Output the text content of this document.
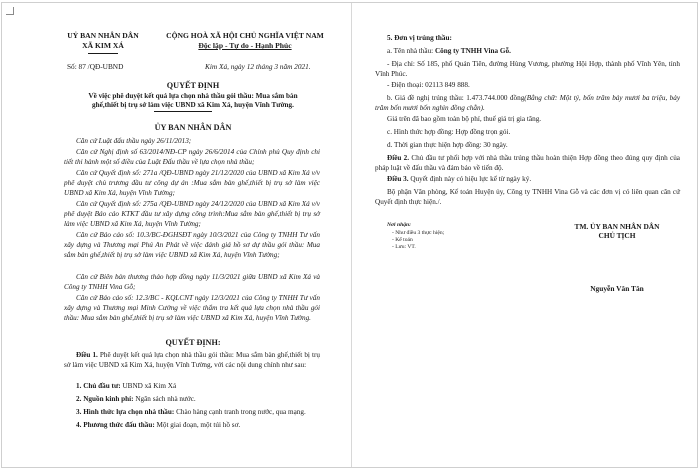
UỶ BAN NHÂN DÂN
XÃ KIM XÁ
Số: 87 /QĐ-UBND
CỘNG HOÀ XÃ HỘI CHỦ NGHĨA VIỆT NAM
Độc lập - Tự do - Hạnh Phúc
Kim Xá, ngày 12 tháng 3 năm 2021.
QUYẾT ĐỊNH
Về việc phê duyệt kết quả lựa chọn nhà thầu gói thầu: Mua sắm bàn
ghế,thiết bị trụ sở làm việc UBND xã Kim Xá, huyện Vĩnh Tường.
ỦY BAN NHÂN DÂN
Căn cứ Luật đấu thầu ngày 26/11/2013;
Căn cứ Nghị định số 63/2014/NĐ-CP ngày 26/6/2014 của Chính phủ Quy định chi tiết thi hành một số điều của Luật Đấu thầu về lựa chọn nhà thầu;
Căn cứ Quyết định số: 271a /QĐ-UBND ngày 21/12/2020 của UBND xã Kim Xá v/v phê duyệt chủ trương đầu tư công dự án :Mua sắm bàn ghế,thiết bị trụ sở làm việc UBND xã Kim Xá, huyện Vĩnh Tường;
Căn cứ Quyết định số: 275a /QĐ-UBND ngày 24/12/2020 của UBND xã Kim Xá v/v phê duyệt Báo cáo KTKT đầu tư xây dựng công trình:Mua sắm bàn ghế,thiết bị trụ sở làm việc UBND xã Kim Xá, huyện Vĩnh Tường;
Căn cứ Báo cáo số: 10.3/BC-ĐGHSĐT ngày 10/3/2021 của Công ty TNHH Tư vấn xây dựng và Thương mại Phú An Phát về việc đánh giá hồ sơ dự thầu gói thầu: Mua sắm bàn ghế,thiết bị trụ sở làm việc UBND xã Kim Xá, huyện Vĩnh Tường;
Căn cứ Biên bản thương thảo hợp đồng ngày 11/3/2021 giữa UBND xã Kim Xá và Công ty TNHH Vina Gỗ;
Căn cứ Báo cáo số: 12.3/BC - KQLCNT ngày 12/3/2021 của Công ty TNHH Tư vấn xây dựng và Thương mại Minh Cường về việc thẩm tra kết quả lựa chọn nhà thầu gói thầu: Mua sắm bàn ghế,thiết bị trụ sở làm việc UBND xã Kim Xá, huyện Vĩnh Tường.
QUYẾT ĐỊNH:
Điều 1. Phê duyệt kết quả lựa chọn nhà thầu gói thầu: Mua sắm bàn ghế,thiết bị trụ sở làm việc UBND xã Kim Xá, huyện Vĩnh Tường, với các nội dung chính như sau:
1. Chủ đầu tư: UBND xã Kim Xá
2. Nguồn kinh phí: Ngân sách nhà nước.
3. Hình thức lựa chọn nhà thầu: Chào hàng cạnh tranh trong nước, qua mạng.
4. Phương thức đấu thầu: Một giai đoạn, một túi hồ sơ.
5. Đơn vị trúng thầu:
a. Tên nhà thầu: Công ty TNHH Vina Gỗ.
- Địa chỉ: Số 185, phố Quán Tiên, đường Hùng Vương, phường Hội Hợp, thành phố Vĩnh Yên, tỉnh Vĩnh Phúc.
- Điện thoại: 02113 849 888.
b. Giá đề nghị trúng thầu: 1.473.744.000 đồng(Bằng chữ: Một tỷ, bốn trăm bảy mươi ba triệu, bảy trăm bốn mươi bốn nghìn đồng chẵn).
Giá trên đã bao gồm toàn bộ phí, thuế giá trị gia tăng.
c. Hình thức hợp đồng: Hợp đồng trọn gói.
d. Thời gian thực hiện hợp đồng: 30 ngày.
Điều 2. Chủ đầu tư phối hợp với nhà thầu trúng thầu hoàn thiện Hợp đồng theo đúng quy định của pháp luật về đấu thầu và đảm bảo về tiến độ.
Điều 3. Quyết định này có hiệu lực kể từ ngày ký.
Bộ phận Văn phòng, Kế toán Huyện ủy, Công ty TNHH Vina Gỗ và các đơn vị có liên quan căn cứ Quyết định thực hiện./.
Nơi nhận:
- Như điều 3 thực hiện;
- Kế toán
- Lưu: VT.
TM. ỦY BAN NHÂN DÂN
CHỦ TỊCH
Nguyễn Văn Tân
